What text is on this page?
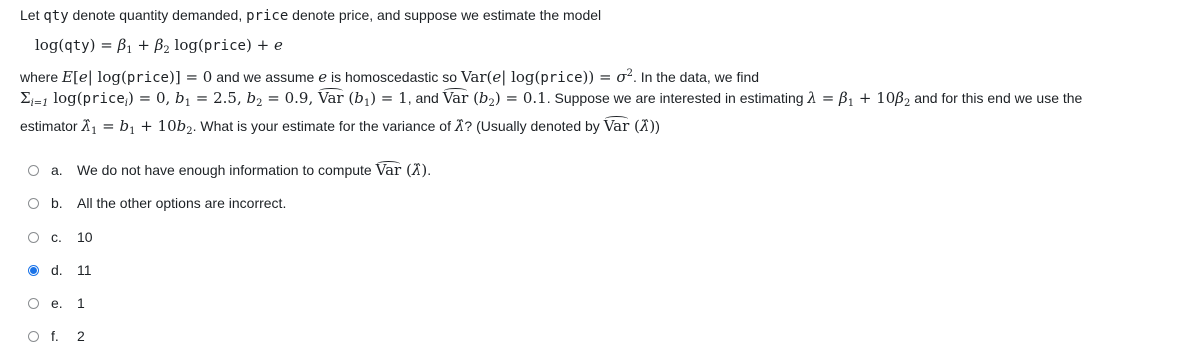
Let qty denote quantity demanded, price denote price, and suppose we estimate the model
$\log(qty) = \beta_1 + \beta_2$ log(price) + e
where E[e| log(price)] = 0 and we assume e is homoscedastic so Var(e| log(price)) = $\sigma^2$. In the data, we find
$\Sigma_{i=1}$ log(price$_i$) = 0, $b_1 = 2.5$, $b_2 = 0.9$, Var $(b_1) = 1$, and Var $(b_2) = 0.1$. Suppose we are interested in estimating $\lambda = \beta_1 + 10\beta_2$ and for this end we use the
estimator $\lambdâ_1 = b_1 + 10b_2$. What is your estimate for the variance of λ̂? (Usually denoted by Var (λ̂))
a.	We do not have enough information to compute Var (λ̂).
b.	All the other options are incorrect.
c.	10
d.	11
e.	1
f.	2
